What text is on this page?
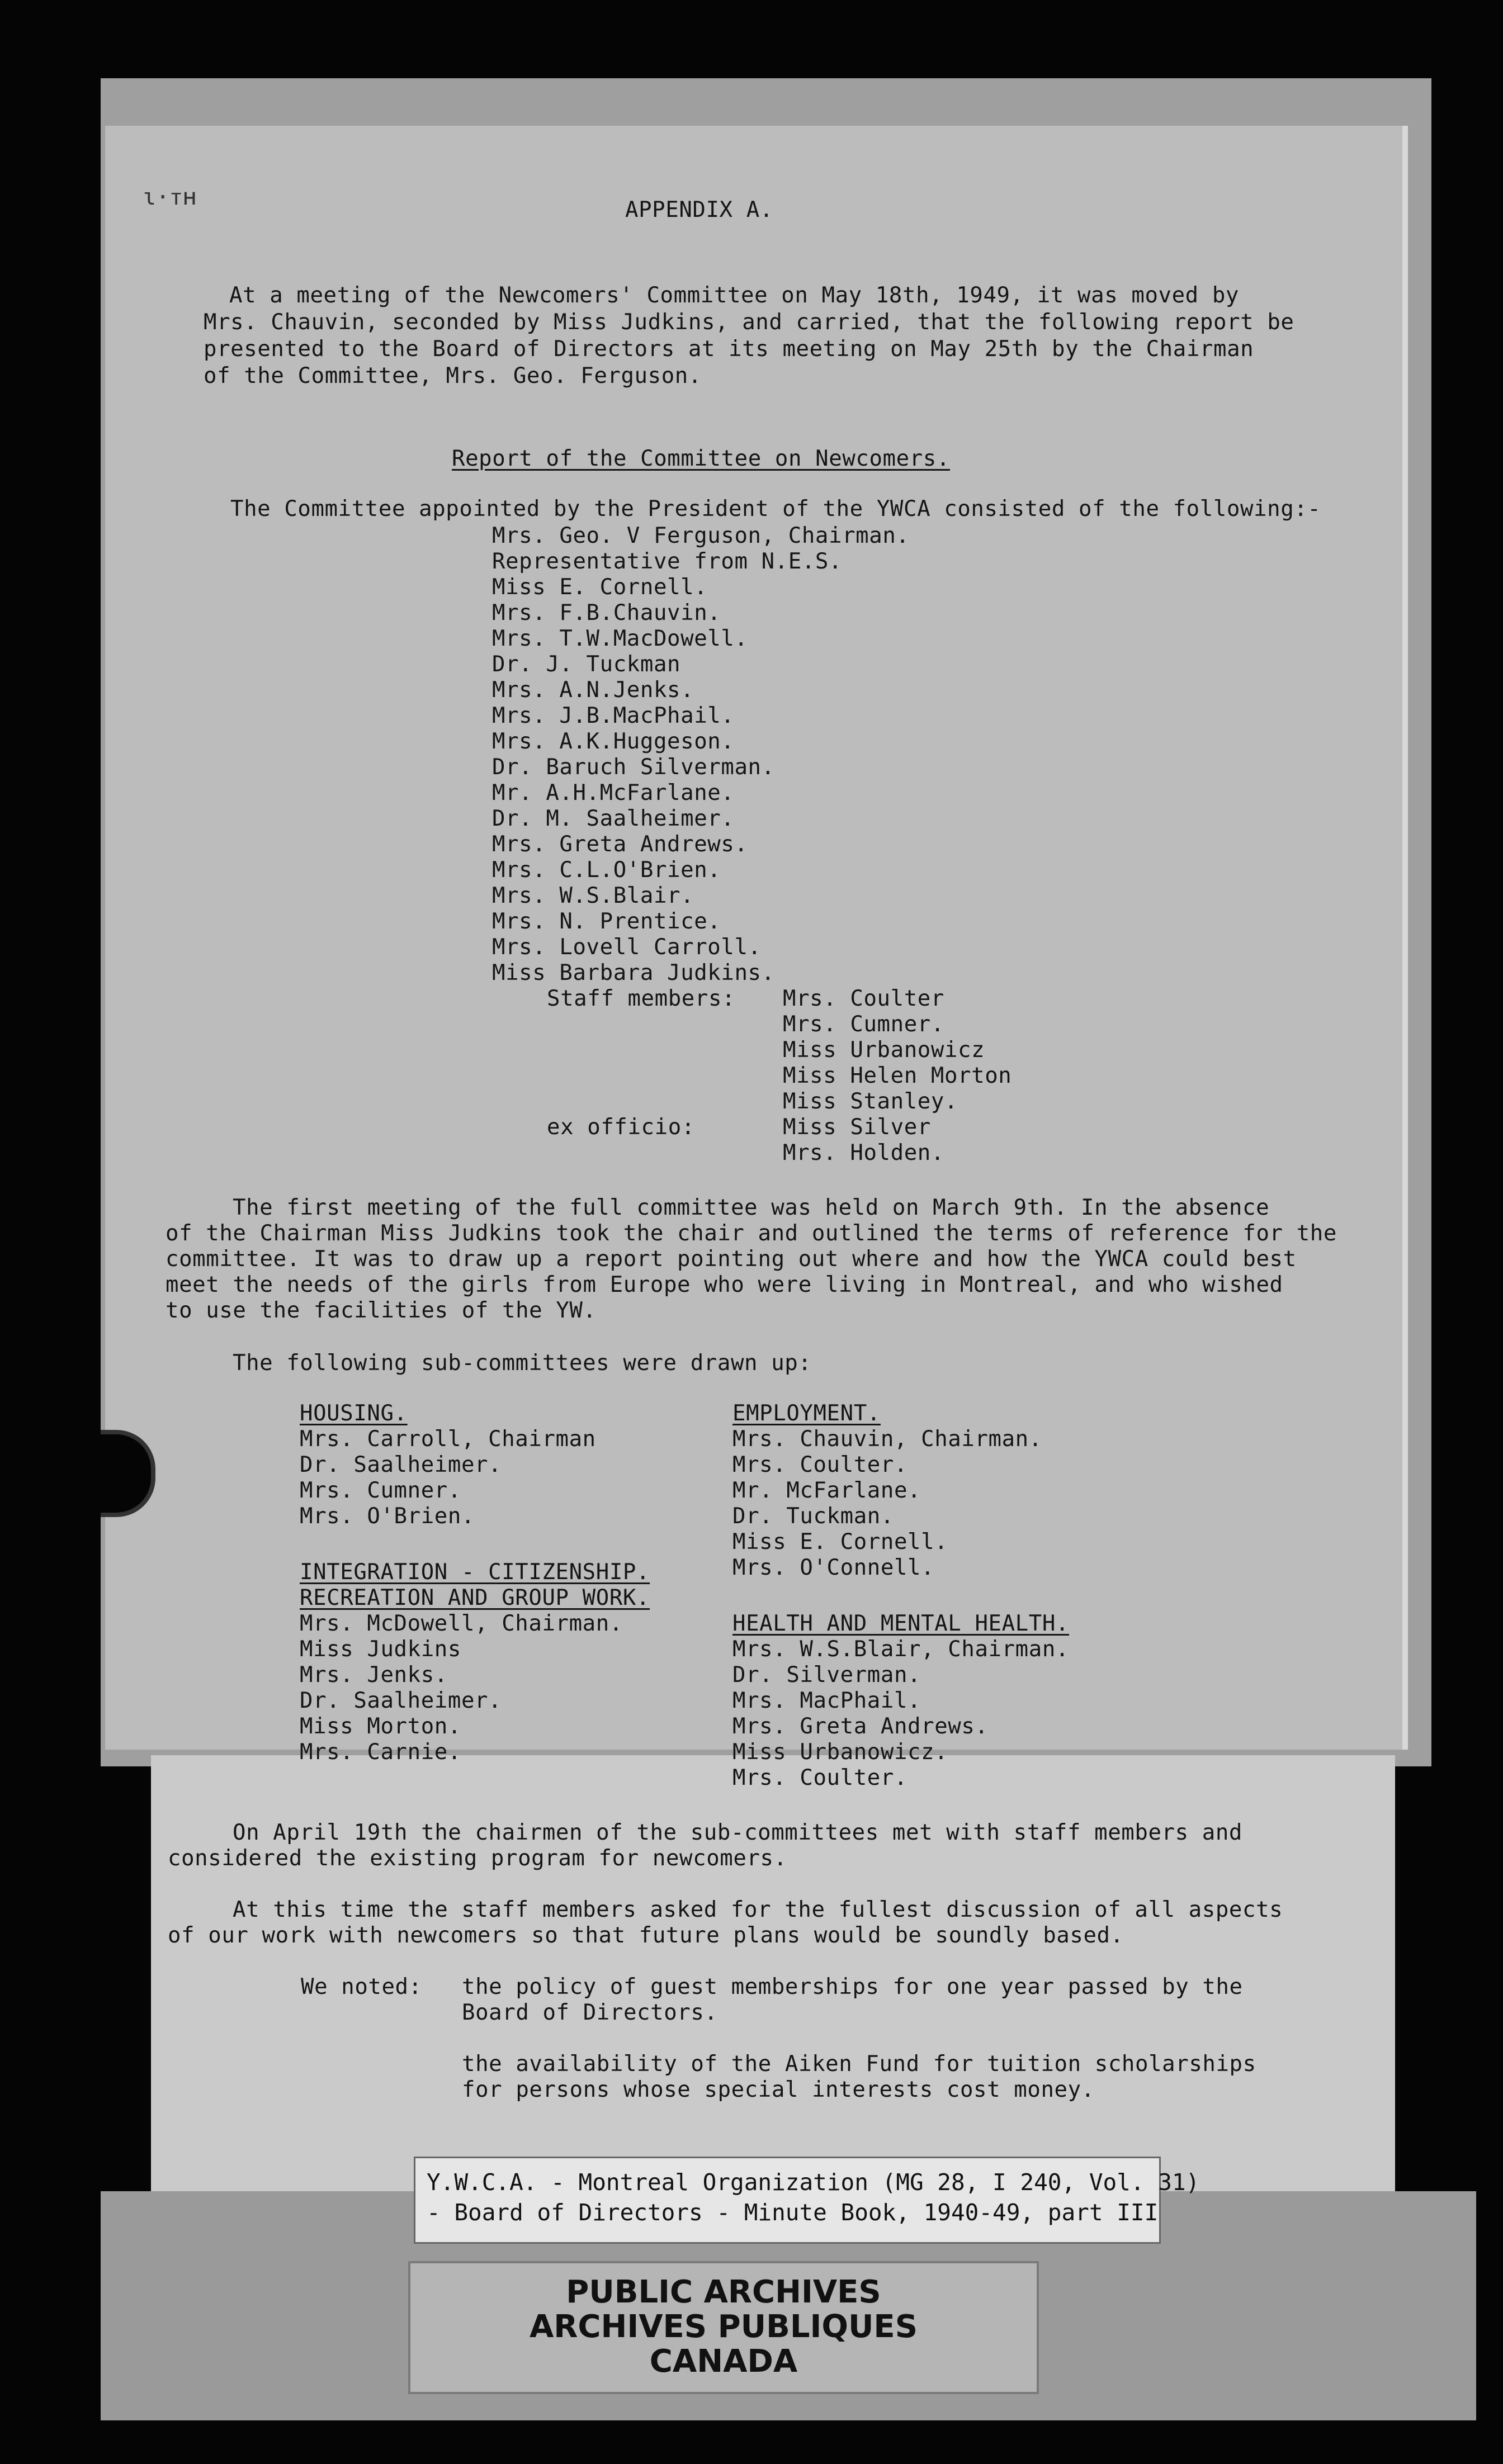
ɩ·ᴛʜ	APPENDIX A.
At a meeting of the Newcomers' Committee on May 18th, 1949, it was moved by
Mrs. Chauvin, seconded by Miss Judkins, and carried, that the following report be
presented to the Board of Directors at its meeting on May 25th by the Chairman
of the Committee, Mrs. Geo. Ferguson.
Report of the Committee on Newcomers.
The Committee appointed by the President of the YWCA consisted of the following:-
Mrs. Geo. V Ferguson, Chairman.
Representative from N.E.S.
Miss E. Cornell.
Mrs. F.B.Chauvin.
Mrs. T.W.MacDowell.
Dr. J. Tuckman
Mrs. A.N.Jenks.
Mrs. J.B.MacPhail.
Mrs. A.K.Huggeson.
Dr. Baruch Silverman.
Mr. A.H.McFarlane.
Dr. M. Saalheimer.
Mrs. Greta Andrews.
Mrs. C.L.O'Brien.
Mrs. W.S.Blair.
Mrs. N. Prentice.
Mrs. Lovell Carroll.
Miss Barbara Judkins.
Staff members: Mrs. Coulter
Mrs. Cumner.
Miss Urbanowicz
Miss Helen Morton
Miss Stanley.
ex officio:	Miss Silver
Mrs. Holden.
The first meeting of the full committee was held on March 9th. In the absence
of the Chairman Miss Judkins took the chair and outlined the terms of reference for the
committee. It was to draw up a report pointing out where and how the YWCA could best
meet the needs of the girls from Europe who were living in Montreal, and who wished
to use the facilities of the YW.
The following sub-committees were drawn up:
HOUSING.
Mrs. Carroll, Chairman
Dr. Saalheimer.
Mrs. Cumner.
Mrs. O'Brien.
INTEGRATION - CITIZENSHIP.
RECREATION AND GROUP WORK.
Mrs. McDowell, Chairman.
Miss Judkins
Mrs. Jenks.
Dr. Saalheimer.
Miss Morton.
Mrs. Carnie.
EMPLOYMENT.
Mrs. Chauvin, Chairman.
Mrs. Coulter.
Mr. McFarlane.
Dr. Tuckman.
Miss E. Cornell.
Mrs. O'Connell.
HEALTH AND MENTAL HEALTH.
Mrs. W.S.Blair, Chairman.
Dr. Silverman.
Mrs. MacPhail.
Mrs. Greta Andrews.
Miss Urbanowicz.
Mrs. Coulter.
On April 19th the chairmen of the sub-committees met with staff members and
considered the existing program for newcomers.
At this time the staff members asked for the fullest discussion of all aspects
of our work with newcomers so that future plans would be soundly based.
We noted: the policy of guest memberships for one year passed by the
Board of Directors.
the availability of the Aiken Fund for tuition scholarships
for persons whose special interests cost money.
Y.W.C.A. - Montreal Organization (MG 28, I 240, Vol. 31)
- Board of Directors - Minute Book, 1940-49, part III
PUBLIC ARCHIVES
ARCHIVES PUBLIQUES
CANADA
